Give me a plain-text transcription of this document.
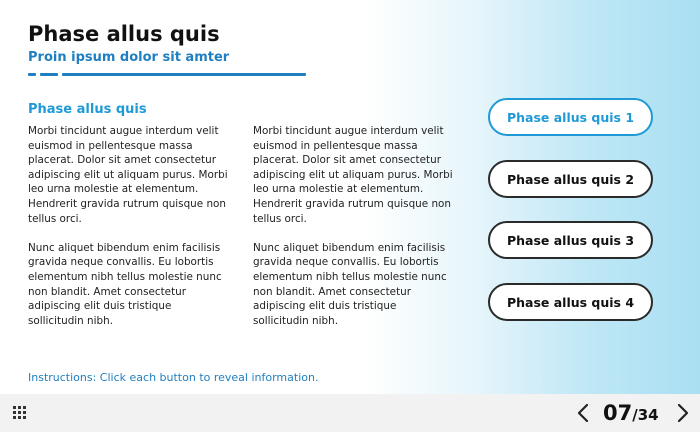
Phase allus quis
Proin ipsum dolor sit amter
Phase allus quis

Morbi tincidunt augue interdum velit euismod in pellentesque massa placerat. Dolor sit amet consectetur adipiscing elit ut aliquam purus. Morbi leo urna molestie at elementum. Hendrerit gravida rutrum quisque non tellus orci.

Nunc aliquet bibendum enim facilisis gravida neque convallis. Eu lobortis elementum nibh tellus molestie nunc non blandit. Amet consectetur adipiscing elit duis tristique sollicitudin nibh.

Morbi tincidunt augue interdum velit euismod in pellentesque massa placerat. Dolor sit amet consectetur adipiscing elit ut aliquam purus. Morbi leo urna molestie at elementum. Hendrerit gravida rutrum quisque non tellus orci.

Nunc aliquet bibendum enim facilisis gravida neque convallis. Eu lobortis elementum nibh tellus molestie nunc non blandit. Amet consectetur adipiscing elit duis tristique sollicitudin nibh.

Phase allus quis 1
Phase allus quis 2
Phase allus quis 3
Phase allus quis 4
Instructions: Click each button to reveal information.
07 / 34
